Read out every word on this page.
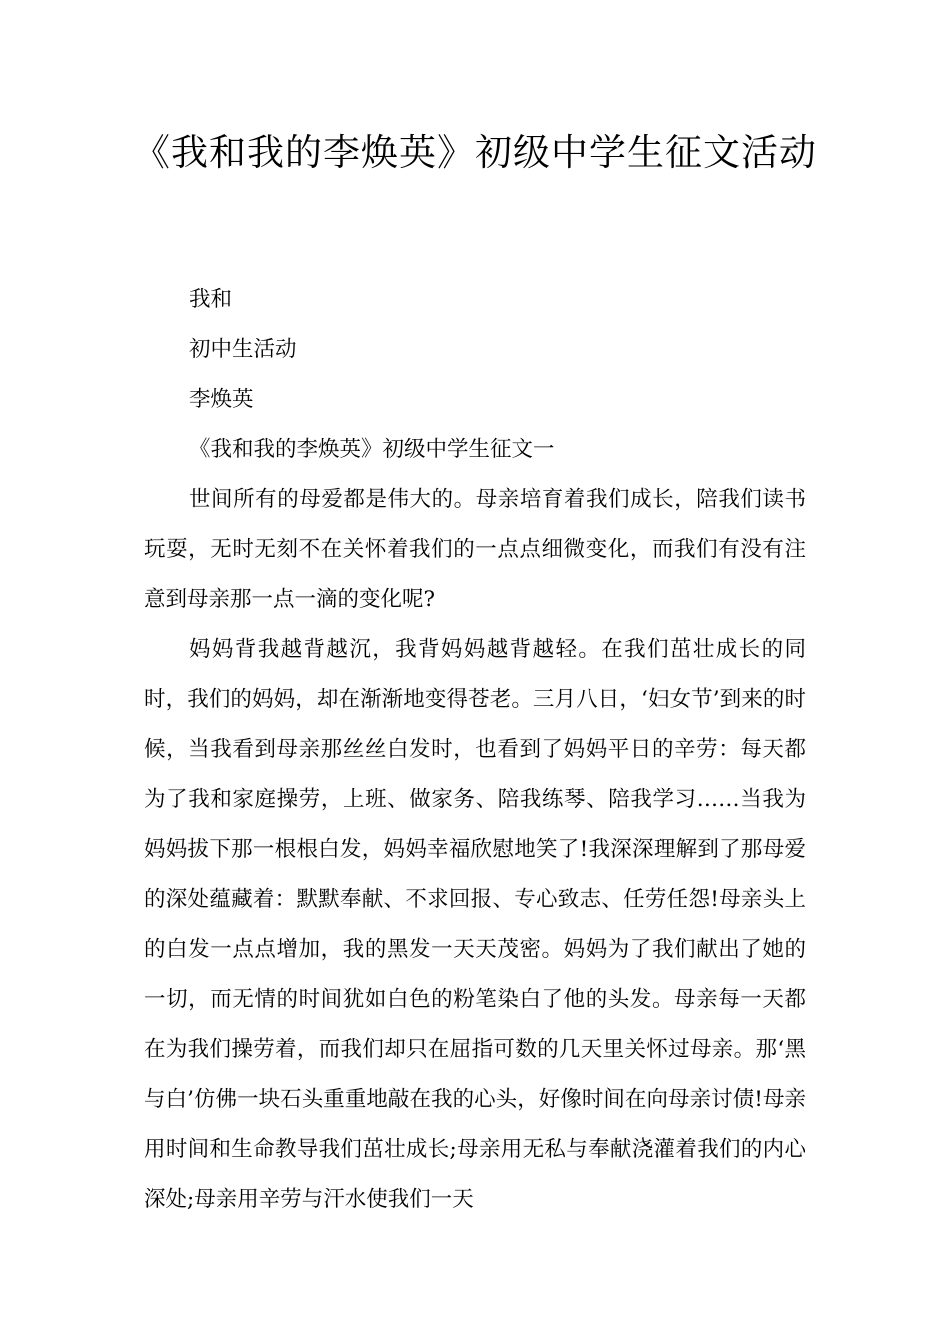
《我和我的李焕英》初级中学生征文活动

我和

初中生活动

李焕英

《我和我的李焕英》初级中学生征文一

世间所有的母爱都是伟大的。母亲培育着我们成长，陪我们读书玩耍，无时无刻不在关怀着我们的一点点细微变化，而我们有没有注意到母亲那一点一滴的变化呢?

妈妈背我越背越沉，我背妈妈越背越轻。在我们茁壮成长的同时，我们的妈妈，却在渐渐地变得苍老。三月八日，‘妇女节’到来的时候，当我看到母亲那丝丝白发时，也看到了妈妈平日的辛劳：每天都为了我和家庭操劳，上班、做家务、陪我练琴、陪我学习……当我为妈妈拔下那一根根白发，妈妈幸福欣慰地笑了!我深深理解到了那母爱的深处蕴藏着：默默奉献、不求回报、专心致志、任劳任怨!母亲头上的白发一点点增加，我的黑发一天天茂密。妈妈为了我们献出了她的一切，而无情的时间犹如白色的粉笔染白了他的头发。母亲每一天都在为我们操劳着，而我们却只在屈指可数的几天里关怀过母亲。那‘黑与白’仿佛一块石头重重地敲在我的心头，好像时间在向母亲讨债!母亲用时间和生命教导我们茁壮成长;母亲用无私与奉献浇灌着我们的内心深处;母亲用辛劳与汗水使我们一天
